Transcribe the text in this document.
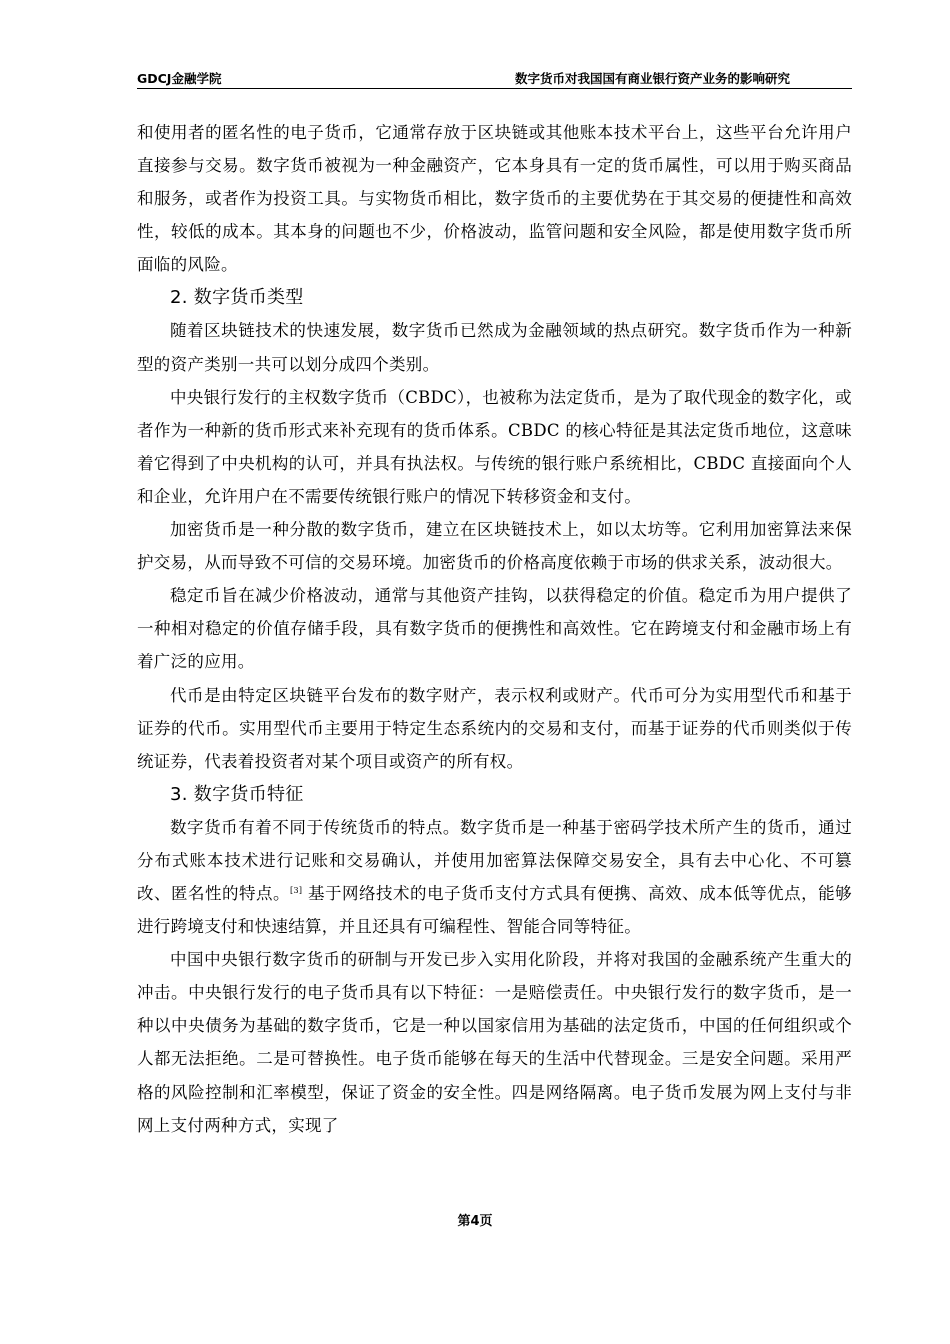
GDCJ金融学院	数字货币对我国国有商业银行资产业务的影响研究

和使用者的匿名性的电子货币，它通常存放于区块链或其他账本技术平台上，这些平台允许用户直接参与交易。数字货币被视为一种金融资产，它本身具有一定的货币属性，可以用于购买商品和服务，或者作为投资工具。与实物货币相比，数字货币的主要优势在于其交易的便捷性和高效性，较低的成本。其本身的问题也不少，价格波动，监管问题和安全风险，都是使用数字货币所面临的风险。

2. 数字货币类型

随着区块链技术的快速发展，数字货币已然成为金融领域的热点研究。数字货币作为一种新型的资产类别一共可以划分成四个类别。

中央银行发行的主权数字货币（CBDC），也被称为法定货币，是为了取代现金的数字化，或者作为一种新的货币形式来补充现有的货币体系。CBDC 的核心特征是其法定货币地位，这意味着它得到了中央机构的认可，并具有执法权。与传统的银行账户系统相比，CBDC 直接面向个人和企业，允许用户在不需要传统银行账户的情况下转移资金和支付。

加密货币是一种分散的数字货币，建立在区块链技术上，如以太坊等。它利用加密算法来保护交易，从而导致不可信的交易环境。加密货币的价格高度依赖于市场的供求关系，波动很大。

稳定币旨在减少价格波动，通常与其他资产挂钩，以获得稳定的价值。稳定币为用户提供了一种相对稳定的价值存储手段，具有数字货币的便携性和高效性。它在跨境支付和金融市场上有着广泛的应用。

代币是由特定区块链平台发布的数字财产，表示权利或财产。代币可分为实用型代币和基于证券的代币。实用型代币主要用于特定生态系统内的交易和支付，而基于证券的代币则类似于传统证券，代表着投资者对某个项目或资产的所有权。

3. 数字货币特征

数字货币有着不同于传统货币的特点。数字货币是一种基于密码学技术所产生的货币，通过分布式账本技术进行记账和交易确认，并使用加密算法保障交易安全，具有去中心化、不可篡改、匿名性的特点。[3] 基于网络技术的电子货币支付方式具有便携、高效、成本低等优点，能够进行跨境支付和快速结算，并且还具有可编程性、智能合同等特征。

中国中央银行数字货币的研制与开发已步入实用化阶段，并将对我国的金融系统产生重大的冲击。中央银行发行的电子货币具有以下特征：一是赔偿责任。中央银行发行的数字货币，是一种以中央债务为基础的数字货币，它是一种以国家信用为基础的法定货币，中国的任何组织或个人都无法拒绝。二是可替换性。电子货币能够在每天的生活中代替现金。三是安全问题。采用严格的风险控制和汇率模型，保证了资金的安全性。四是网络隔离。电子货币发展为网上支付与非网上支付两种方式，实现了

第4页
